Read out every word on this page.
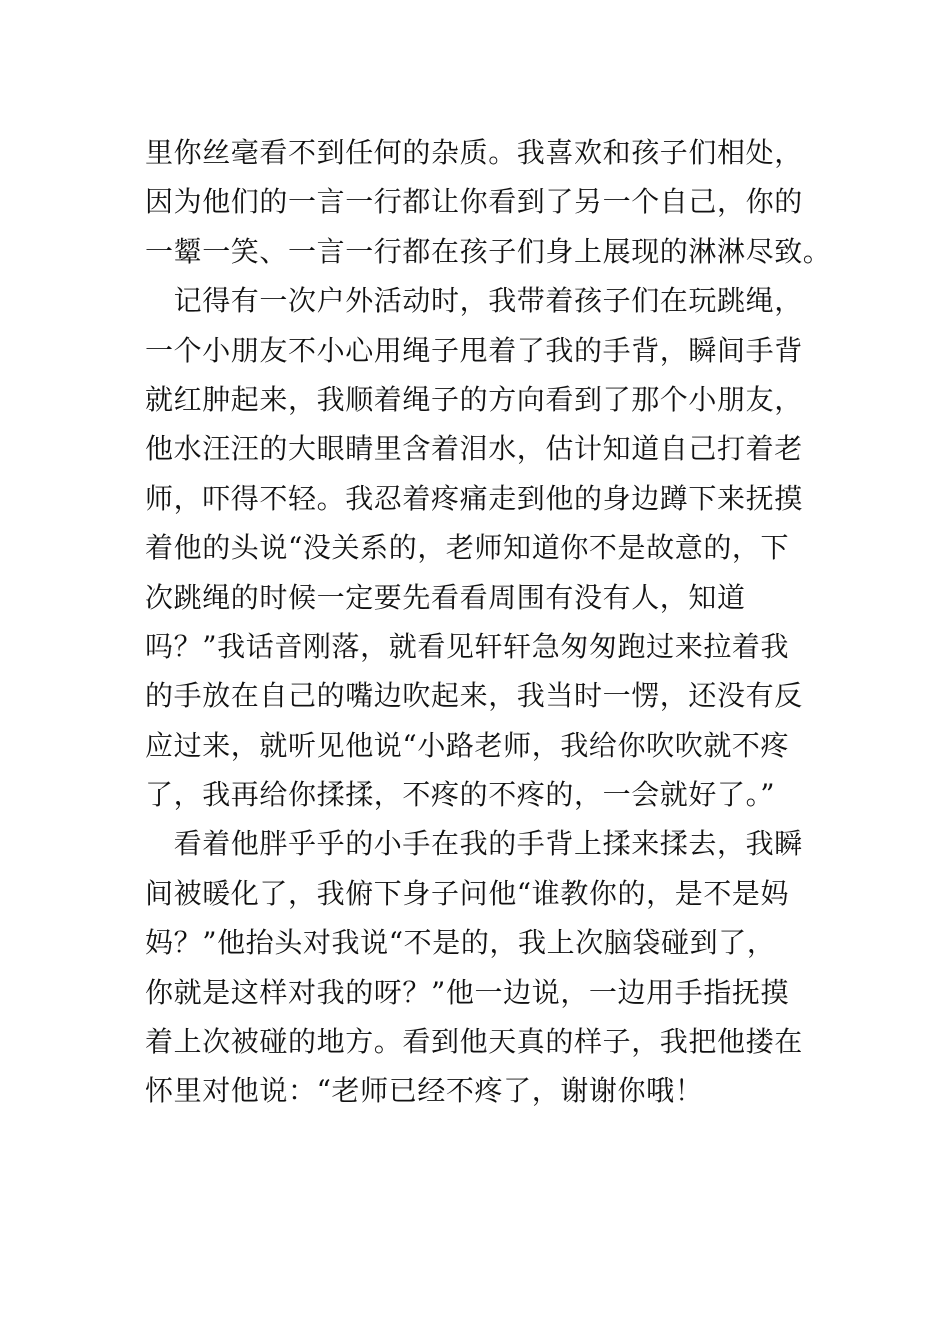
里你丝毫看不到任何的杂质。我喜欢和孩子们相处，
因为他们的一言一行都让你看到了另一个自己，你的
一颦一笑、一言一行都在孩子们身上展现的淋淋尽致。
　记得有一次户外活动时，我带着孩子们在玩跳绳，
一个小朋友不小心用绳子甩着了我的手背，瞬间手背
就红肿起来，我顺着绳子的方向看到了那个小朋友，
他水汪汪的大眼睛里含着泪水，估计知道自己打着老
师，吓得不轻。我忍着疼痛走到他的身边蹲下来抚摸
着他的头说“没关系的，老师知道你不是故意的，下
次跳绳的时候一定要先看看周围有没有人，知道
吗？”我话音刚落，就看见轩轩急匆匆跑过来拉着我
的手放在自己的嘴边吹起来，我当时一愣，还没有反
应过来，就听见他说“小路老师，我给你吹吹就不疼
了，我再给你揉揉，不疼的不疼的，一会就好了。”
　看着他胖乎乎的小手在我的手背上揉来揉去，我瞬
间被暖化了，我俯下身子问他“谁教你的，是不是妈
妈？”他抬头对我说“不是的，我上次脑袋碰到了，
你就是这样对我的呀？”他一边说，一边用手指抚摸
着上次被碰的地方。看到他天真的样子，我把他搂在
怀里对他说：“老师已经不疼了，谢谢你哦！
